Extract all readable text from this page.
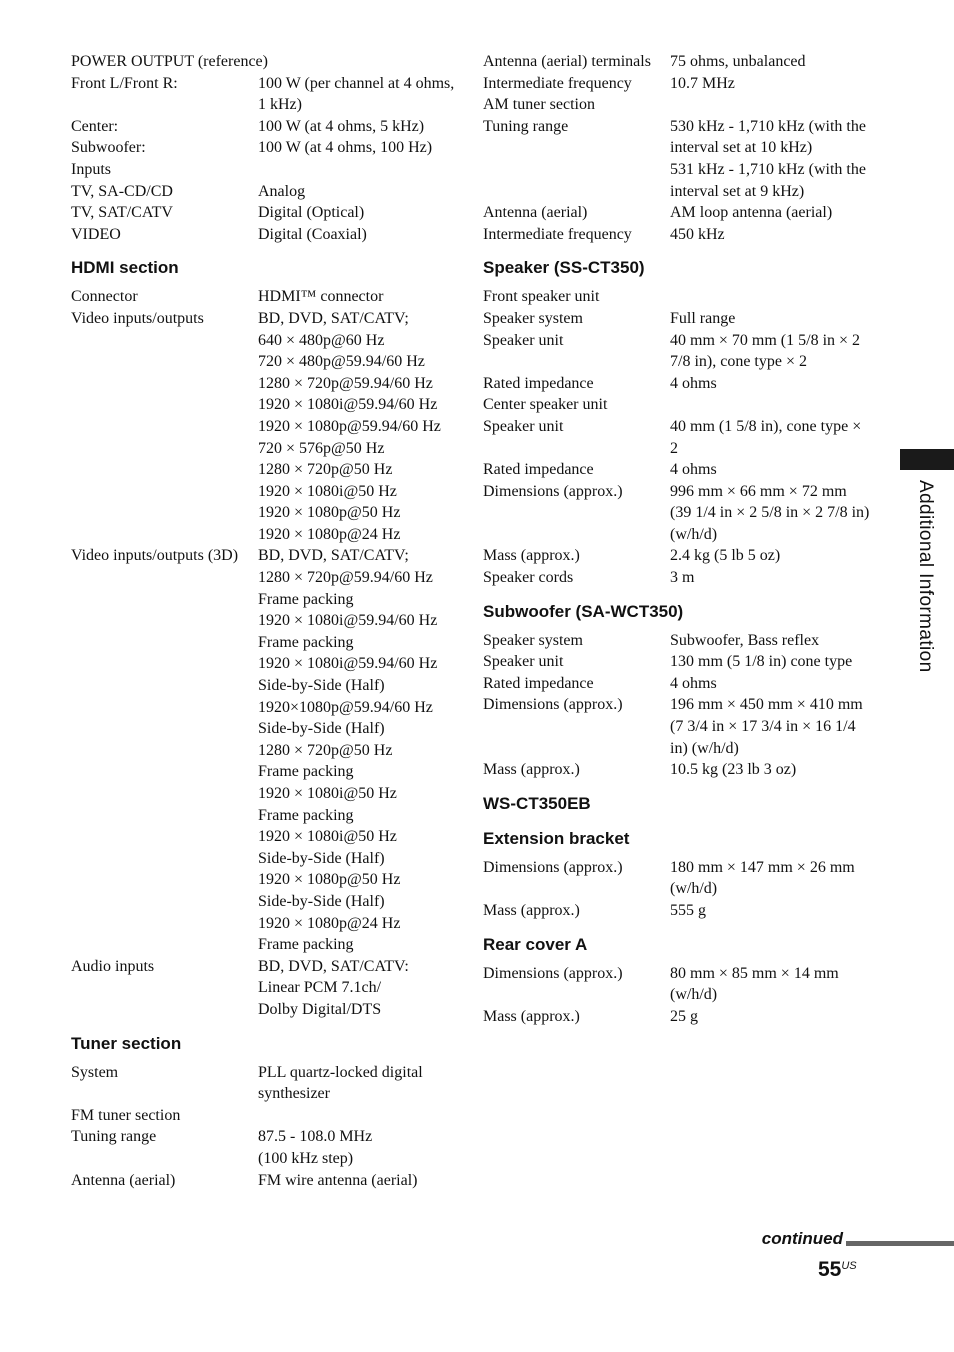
POWER OUTPUT (reference)
Front L/Front R:	100 W (per channel at 4 ohms, 1 kHz)
Center:	100 W (at 4 ohms, 5 kHz)
Subwoofer:	100 W (at 4 ohms, 100 Hz)
Inputs
TV, SA-CD/CD	Analog
TV, SAT/CATV	Digital (Optical)
VIDEO	Digital (Coaxial)
HDMI section
Connector	HDMI™ connector
Video inputs/outputs	BD, DVD, SAT/CATV;
640 × 480p@60 Hz
720 × 480p@59.94/60 Hz
1280 × 720p@59.94/60 Hz
1920 × 1080i@59.94/60 Hz
1920 × 1080p@59.94/60 Hz
720 × 576p@50 Hz
1280 × 720p@50 Hz
1920 × 1080i@50 Hz
1920 × 1080p@50 Hz
1920 × 1080p@24 Hz
Video inputs/outputs (3D)	BD, DVD, SAT/CATV;
1280 × 720p@59.94/60 Hz
Frame packing
1920 × 1080i@59.94/60 Hz
Frame packing
1920 × 1080i@59.94/60 Hz
Side-by-Side (Half)
1920×1080p@59.94/60 Hz
Side-by-Side (Half)
1280 × 720p@50 Hz
Frame packing
1920 × 1080i@50 Hz
Frame packing
1920 × 1080i@50 Hz
Side-by-Side (Half)
1920 × 1080p@50 Hz
Side-by-Side (Half)
1920 × 1080p@24 Hz
Frame packing
Audio inputs	BD, DVD, SAT/CATV:
Linear PCM 7.1ch/
Dolby Digital/DTS
Tuner section
System	PLL quartz-locked digital synthesizer
FM tuner section
Tuning range	87.5 - 108.0 MHz
(100 kHz step)
Antenna (aerial)	FM wire antenna (aerial)
Antenna (aerial) terminals	75 ohms, unbalanced
Intermediate frequency	10.7 MHz
AM tuner section
Tuning range	530 kHz - 1,710 kHz (with the interval set at 10 kHz)
531 kHz - 1,710 kHz (with the interval set at 9 kHz)
Antenna (aerial)	AM loop antenna (aerial)
Intermediate frequency	450 kHz
Speaker (SS-CT350)
Front speaker unit
Speaker system	Full range
Speaker unit	40 mm × 70 mm (1 5/8 in × 2 7/8 in), cone type × 2
Rated impedance	4 ohms
Center speaker unit
Speaker unit	40 mm (1 5/8 in), cone type × 2
Rated impedance	4 ohms
Dimensions (approx.)	996 mm × 66 mm × 72 mm (39 1/4 in × 2 5/8 in × 2 7/8 in) (w/h/d)
Mass (approx.)	2.4 kg (5 lb 5 oz)
Speaker cords	3 m
Subwoofer (SA-WCT350)
Speaker system	Subwoofer, Bass reflex
Speaker unit	130 mm (5 1/8 in) cone type
Rated impedance	4 ohms
Dimensions (approx.)	196 mm × 450 mm × 410 mm (7 3/4 in × 17 3/4 in × 16 1/4 in) (w/h/d)
Mass (approx.)	10.5 kg (23 lb 3 oz)
WS-CT350EB
Extension bracket
Dimensions (approx.)	180 mm × 147 mm × 26 mm (w/h/d)
Mass (approx.)	555 g
Rear cover A
Dimensions (approx.)	80 mm × 85 mm × 14 mm (w/h/d)
Mass (approx.)	25 g
Additional Information
continued
$55^{US}$
